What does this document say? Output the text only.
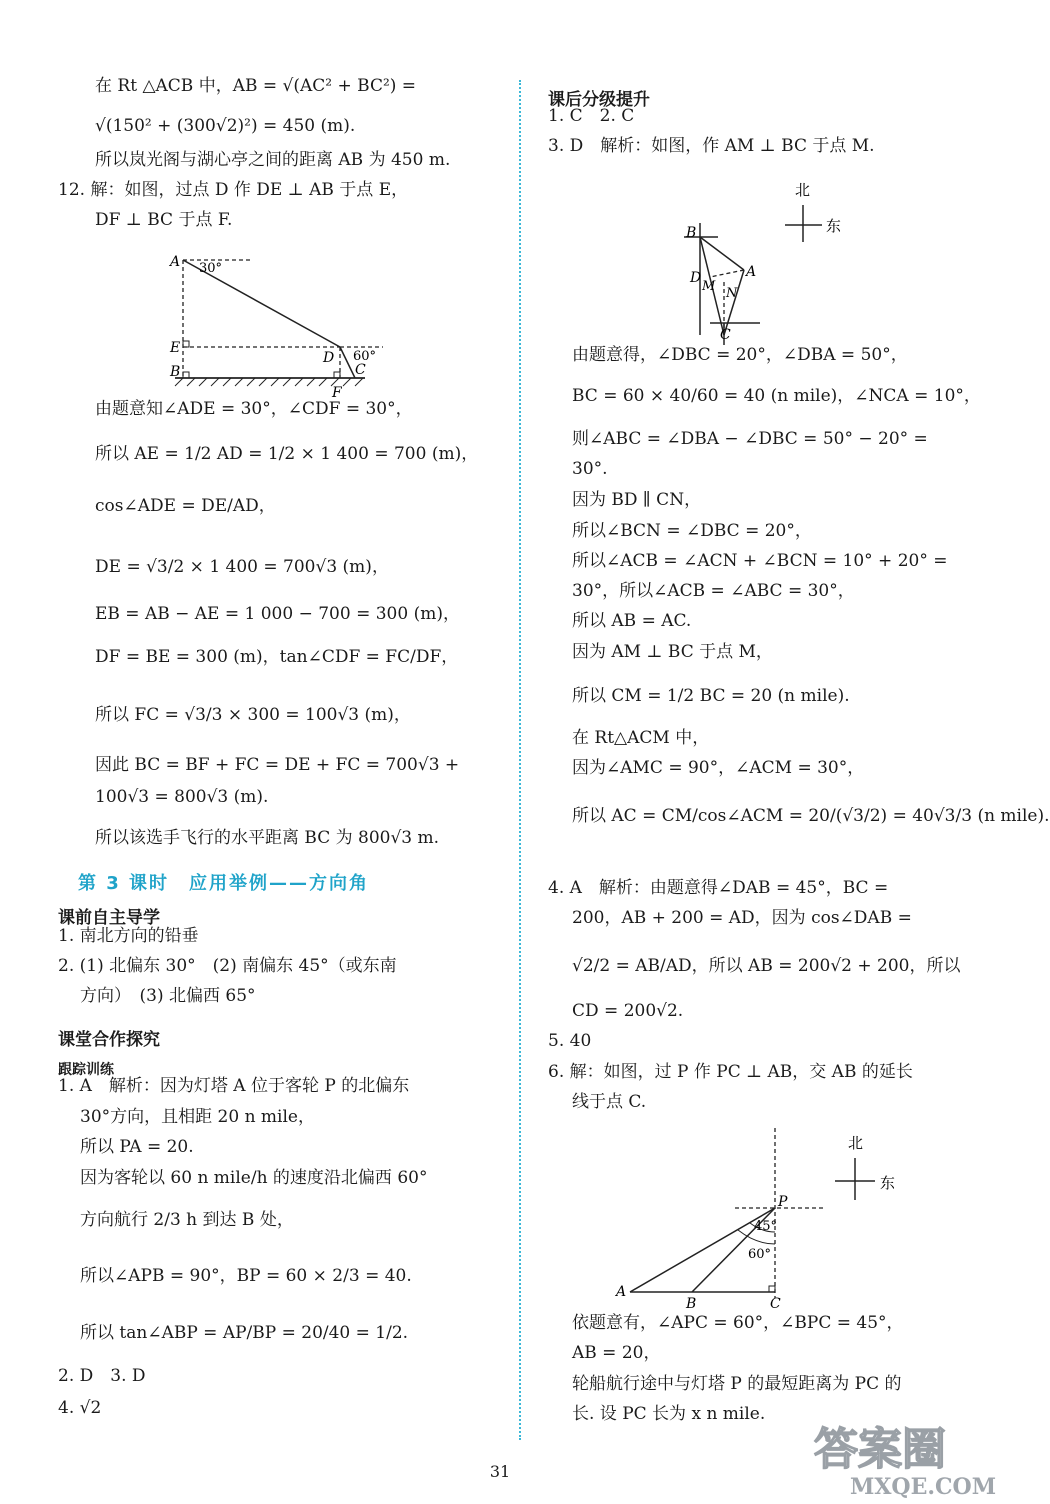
在 Rt △ACB 中，AB = √(AC² + BC²) =
√(150² + (300√2)²) = 450 (m).
所以岚光阁与湖心亭之间的距离 AB 为 450 m.
12. 解：如图，过点 D 作 DE ⊥ AB 于点 E，
DF ⊥ BC 于点 F.
由题意知∠ADE = 30°，∠CDF = 30°，
所以 AE = 1/2 AD = 1/2 × 1 400 = 700 (m)，
cos∠ADE = DE/AD，
DE = √3/2 × 1 400 = 700√3 (m)，
EB = AB − AE = 1 000 − 700 = 300 (m)，
DF = BE = 300 (m)，tan∠CDF = FC/DF，
所以 FC = √3/3 × 300 = 100√3 (m)，
因此 BC = BF + FC = DE + FC = 700√3 +
100√3 = 800√3 (m).
所以该选手飞行的水平距离 BC 为 800√3 m.
A 30°
E
B
D 60°
C
F
第 3 课时　应用举例——方向角
课前自主导学
1. 南北方向的铅垂
2. (1) 北偏东 30°　(2) 南偏东 45°（或东南
方向）　(3) 北偏西 65°
课堂合作探究
跟踪训练
1. A　解析：因为灯塔 A 位于客轮 P 的北偏东
30°方向，且相距 20 n mile，
所以 PA = 20.
因为客轮以 60 n mile/h 的速度沿北偏西 60°
方向航行 2/3 h 到达 B 处，
所以∠APB = 90°，BP = 60 × 2/3 = 40.
所以 tan∠ABP = AP/BP = 20/40 = 1/2.
2. D　3. D
4. √2
课后分级提升
1. C　2. C
3. D　解析：如图，作 AM ⊥ BC 于点 M.
由题意得，∠DBC = 20°，∠DBA = 50°，
BC = 60 × 40/60 = 40 (n mile)，∠NCA = 10°，
则∠ABC = ∠DBA − ∠DBC = 50° − 20° =
30°.
因为 BD ∥ CN，
所以∠BCN = ∠DBC = 20°，
所以∠ACB = ∠ACN + ∠BCN = 10° + 20° =
30°，所以∠ACB = ∠ABC = 30°，
所以 AB = AC.
因为 AM ⊥ BC 于点 M，
所以 CM = 1/2 BC = 20 (n mile).
在 Rt△ACM 中，
因为∠AMC = 90°，∠ACM = 30°，
所以 AC = CM/cos∠ACM = 20/(√3/2) = 40√3/3 (n mile).
4. A　解析：由题意得∠DAB = 45°，BC =
200，AB + 200 = AD，因为 cos∠DAB =
√2/2 = AB/AD，所以 AB = 200√2 + 200，所以
CD = 200√2.
5. 40
6. 解：如图，过 P 作 PC ⊥ AB，交 AB 的延长
线于点 C.
依题意有，∠APC = 60°，∠BPC = 45°，
AB = 20，
轮船航行途中与灯塔 P 的最短距离为 PC 的
长. 设 PC 长为 x n mile.
北
东
B
D
M
A
N
C
北
东
P
45°
60°
A
B	C
31	答案圈
MXQE.COM
